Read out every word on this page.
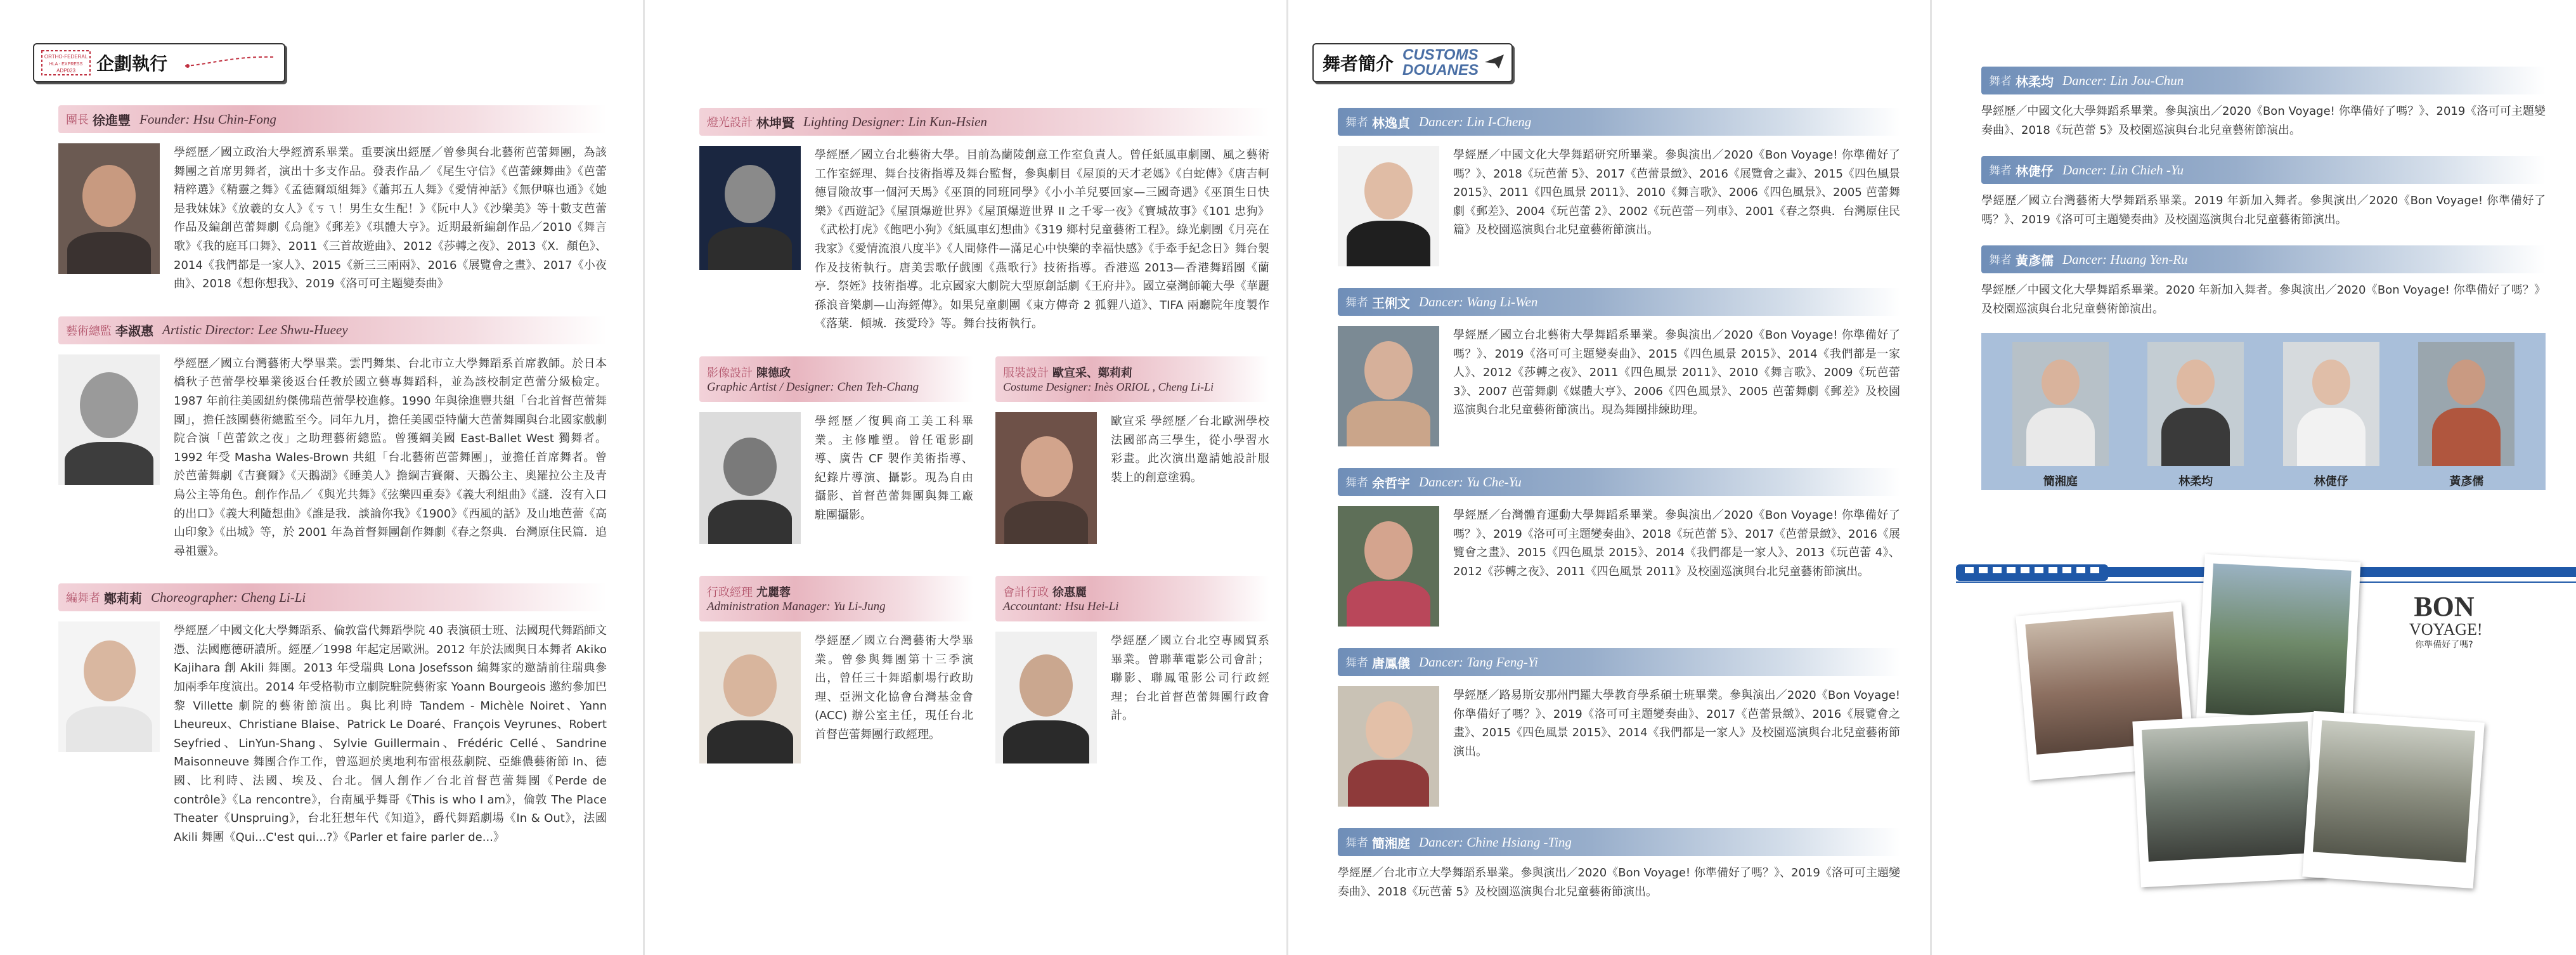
ORTHO-FEDERAL
HLA - EXPRESS
ADP023 企劃執行
團長 徐進豐 Founder: Hsu Chin-Fong
學經歷／國立政治大學經濟系畢業。重要演出經歷／曾參與台北藝術芭蕾舞團，為該舞團之首席男舞者，演出十多支作品。發表作品／《尾生守信》《芭蕾練舞曲》《芭蕾精粹選》《精靈之舞》《孟德爾頌組舞》《蕭邦五人舞》《愛情神話》《無伊嘛也通》《她是我妹妹》《放羲的女人》《ㄎㄟ！男生女生配！》《阮中人》《沙樂美》等十數支芭蕾作品及編創芭蕾舞劇《烏龍》《郵差》《琪體大亨》。近期最新編創作品／2010《舞言歌》《我的庭耳口舞》、2011《三首故遊曲》、2012《莎轉之夜》、2013《X．顏色》、2014《我們都是一家人》、2015《新三三兩兩》、2016《展覽會之畫》、2017《小夜曲》、2018《想你想我》、2019《洛可可主題變奏曲》
藝術總監 李淑惠 Artistic Director: Lee Shwu-Hueey
學經歷／國立台灣藝術大學畢業。雲門舞集、台北市立大學舞蹈系首席教師。於日本橋秋子芭蕾學校畢業後返台任教於國立藝專舞蹈科，並為該校制定芭蕾分級檢定。1987 年前往美國紐約傑佛瑞芭蕾學校進修。1990 年與徐進豐共組「台北首督芭蕾舞團」，擔任該團藝術總監至今。同年九月，擔任美國亞特蘭大芭蕾舞團與台北國家戲劇院合演「芭蕾欽之夜」之助理藝術總監。曾獲綱美國 East-Ballet West 獨舞者。1992 年受 Masha Wales-Brown 共組「台北藝術芭蕾舞團」，並擔任首席舞者。曾於芭蕾舞劇《吉賽爾》《天鵝湖》《睡美人》擔綱吉賽爾、天鵝公主、奧羅拉公主及青鳥公主等角色。創作作品／《與光共舞》《弦樂四重奏》《義大利組曲》《謎．沒有入口的出口》《義大利隨想曲》《誰是我．談論你我》《1900》《西風的話》及山地芭蕾《高山印象》《出城》等，於 2001 年為首督舞團創作舞劇《春之祭典．台灣原住民篇．追尋祖靈》。
編舞者 鄭莉莉 Choreographer: Cheng Li-Li
學經歷／中國文化大學舞蹈系、倫敦當代舞蹈學院 40 表演碩士班、法國現代舞蹈師文憑、法國應德研讀所。經歷／1998 年起定居歐洲。2012 年於法國與日本舞者 Akiko Kajihara 創 Akili 舞團。2013 年受瑞典 Lona Josefsson 編舞家的邀請前往瑞典參加兩季年度演出。2014 年受格勒市立劇院駐院藝術家 Yoann Bourgeois 邀約參加巴黎 Villette 劇院的藝術節演出。與比利時 Tandem - Michèle Noiret、Yann Lheureux、Christiane Blaise、Patrick Le Doaré、François Veyrunes、Robert Seyfried、LinYun-Shang、Sylvie Guillermain、Frédéric Cellé、Sandrine Maisonneuve 舞團合作工作，曾巡迴於奧地利布雷根茲劇院、亞維儂藝術節 In、德國、比利時、法國、埃及、台北。個人創作／台北首督芭蕾舞團《Perde de contrôle》《La rencontre》，台南風乎舞哥《This is who I am》，倫敦 The Place Theater《Unspruing》，台北狂想年代《知道》，爵代舞蹈劇場《In & Out》，法國 Akili 舞團《Qui...C'est qui...?》《Parler et faire parler de...》
燈光設計 林坤賢 Lighting Designer: Lin Kun-Hsien
學經歷／國立台北藝術大學。目前為蘭陵創意工作室負責人。曾任紙風車劇團、風之藝術工作室經理、舞台技術指導及舞台監督，參與劇目《屋頂的天才老媽》《白蛇傳》《唐吉軻德冒險故事一個河天馬》《巫頂的同班同學》《小小羊兒要回家—三國奇遇》《巫頂生日快樂》《西遊記》《屋頂爆遊世界》《屋頂爆遊世界 II 之千零一夜》《寶城故事》《101 忠狗》《武松打虎》《飽吧小狗》《紙風車幻想曲》《319 鄉村兒童藝術工程》。綠光劇團《月亮在我家》《愛情流浪八度半》《人間條件—滿足心中快樂的幸福快感》《手牽手紀念日》舞台製作及技術執行。唐美雲歌仔戲團《燕歌行》技術指導。香港巡 2013—香港舞蹈團《蘭亭．祭姪》技術指導。北京國家大劇院大型原創話劇《王府井》。國立臺灣師範大學《華麗孫浪音樂劇—山海經傳》。如果兒童劇團《東方傳奇 2 狐貍八道》、TIFA 兩廳院年度製作《落葉．傾城．孩愛玲》等。舞台技術執行。
影像設計 陳德政
Graphic Artist / Designer: Chen Teh-Chang
學經歷／復興商工美工科畢業。主修雕塑。曾任電影副導、廣告 CF 製作美術指導、紀錄片導演、攝影。現為自由攝影、首督芭蕾舞團與舞工廠駐團攝影。
服裝設計 歐宣采、鄭莉莉
Costume Designer: Inès ORIOL , Cheng Li-Li
歐宣采 學經歷／台北歐洲學校法國部高三學生，從小學習水彩畫。此次演出邀請她設計服裝上的創意塗鴉。
行政經理 尤麗蓉
Administration Manager: Yu Li-Jung
學經歷／國立台灣藝術大學畢業。曾參與舞團第十三季演出，曾任三十舞蹈劇場行政助理、亞洲文化協會台灣基金會 (ACC) 辦公室主任，現任台北首督芭蕾舞團行政經理。
會計行政 徐惠麗
Accountant: Hsu Hei-Li
學經歷／國立台北空專國貿系畢業。曾聯華電影公司會計；聯影、聯鳳電影公司行政經理；台北首督芭蕾舞團行政會計。
舞者簡介 CUSTOMS
DOUANES
舞者 林逸貞 Dancer: Lin I-Cheng
學經歷／中國文化大學舞蹈研究所畢業。參與演出／2020《Bon Voyage! 你準備好了嗎？》、2018《玩芭蕾 5》、2017《芭蕾景緻》、2016《展覽會之畫》、2015《四色風景 2015》、2011《四色風景 2011》、2010《舞言歌》、2006《四色風景》、2005 芭蕾舞劇《郵差》、2004《玩芭蕾 2》、2002《玩芭蕾－列車》、2001《春之祭典．台灣原住民篇》及校園巡演與台北兒童藝術節演出。
舞者 王俐文 Dancer: Wang Li-Wen
學經歷／國立台北藝術大學舞蹈系畢業。參與演出／2020《Bon Voyage! 你準備好了嗎？》、2019《洛可可主題變奏曲》、2015《四色風景 2015》、2014《我們都是一家人》、2012《莎轉之夜》、2011《四色風景 2011》、2010《舞言歌》、2009《玩芭蕾 3》、2007 芭蕾舞劇《媒體大亨》、2006《四色風景》、2005 芭蕾舞劇《郵差》及校園巡演與台北兒童藝術節演出。現為舞團排練助理。
舞者 余哲宇 Dancer: Yu Che-Yu
學經歷／台灣體育運動大學舞蹈系畢業。參與演出／2020《Bon Voyage! 你準備好了嗎？》、2019《洛可可主題變奏曲》、2018《玩芭蕾 5》、2017《芭蕾景緻》、2016《展覽會之畫》、2015《四色風景 2015》、2014《我們都是一家人》、2013《玩芭蕾 4》、2012《莎轉之夜》、2011《四色風景 2011》及校園巡演與台北兒童藝術節演出。
舞者 唐鳳儀 Dancer: Tang Feng-Yi
學經歷／路易斯安那州門羅大學教育學系碩士班畢業。參與演出／2020《Bon Voyage! 你準備好了嗎？》、2019《洛可可主題變奏曲》、2017《芭蕾景緻》、2016《展覽會之畫》、2015《四色風景 2015》、2014《我們都是一家人》及校園巡演與台北兒童藝術節演出。
舞者 簡湘庭 Dancer: Chine Hsiang -Ting
學經歷／台北市立大學舞蹈系畢業。參與演出／2020《Bon Voyage! 你準備好了嗎？》、2019《洛可可主題變奏曲》、2018《玩芭蕾 5》及校園巡演與台北兒童藝術節演出。
舞者 林柔均 Dancer: Lin Jou-Chun
學經歷／中國文化大學舞蹈系畢業。參與演出／2020《Bon Voyage! 你準備好了嗎？》、2019《洛可可主題變奏曲》、2018《玩芭蕾 5》及校園巡演與台北兒童藝術節演出。
舞者 林倢伃 Dancer: Lin Chieh -Yu
學經歷／國立台灣藝術大學舞蹈系畢業。2019 年新加入舞者。參與演出／2020《Bon Voyage! 你準備好了嗎？》、2019《洛可可主題變奏曲》及校園巡演與台北兒童藝術節演出。
舞者 黃彥儒 Dancer: Huang Yen-Ru
學經歷／中國文化大學舞蹈系畢業。2020 年新加入舞者。參與演出／2020《Bon Voyage! 你準備好了嗎？》及校園巡演與台北兒童藝術節演出。
簡湘庭	林柔均	林倢伃	黃彥儒
BON
VOYAGE!
你準備好了嗎?
